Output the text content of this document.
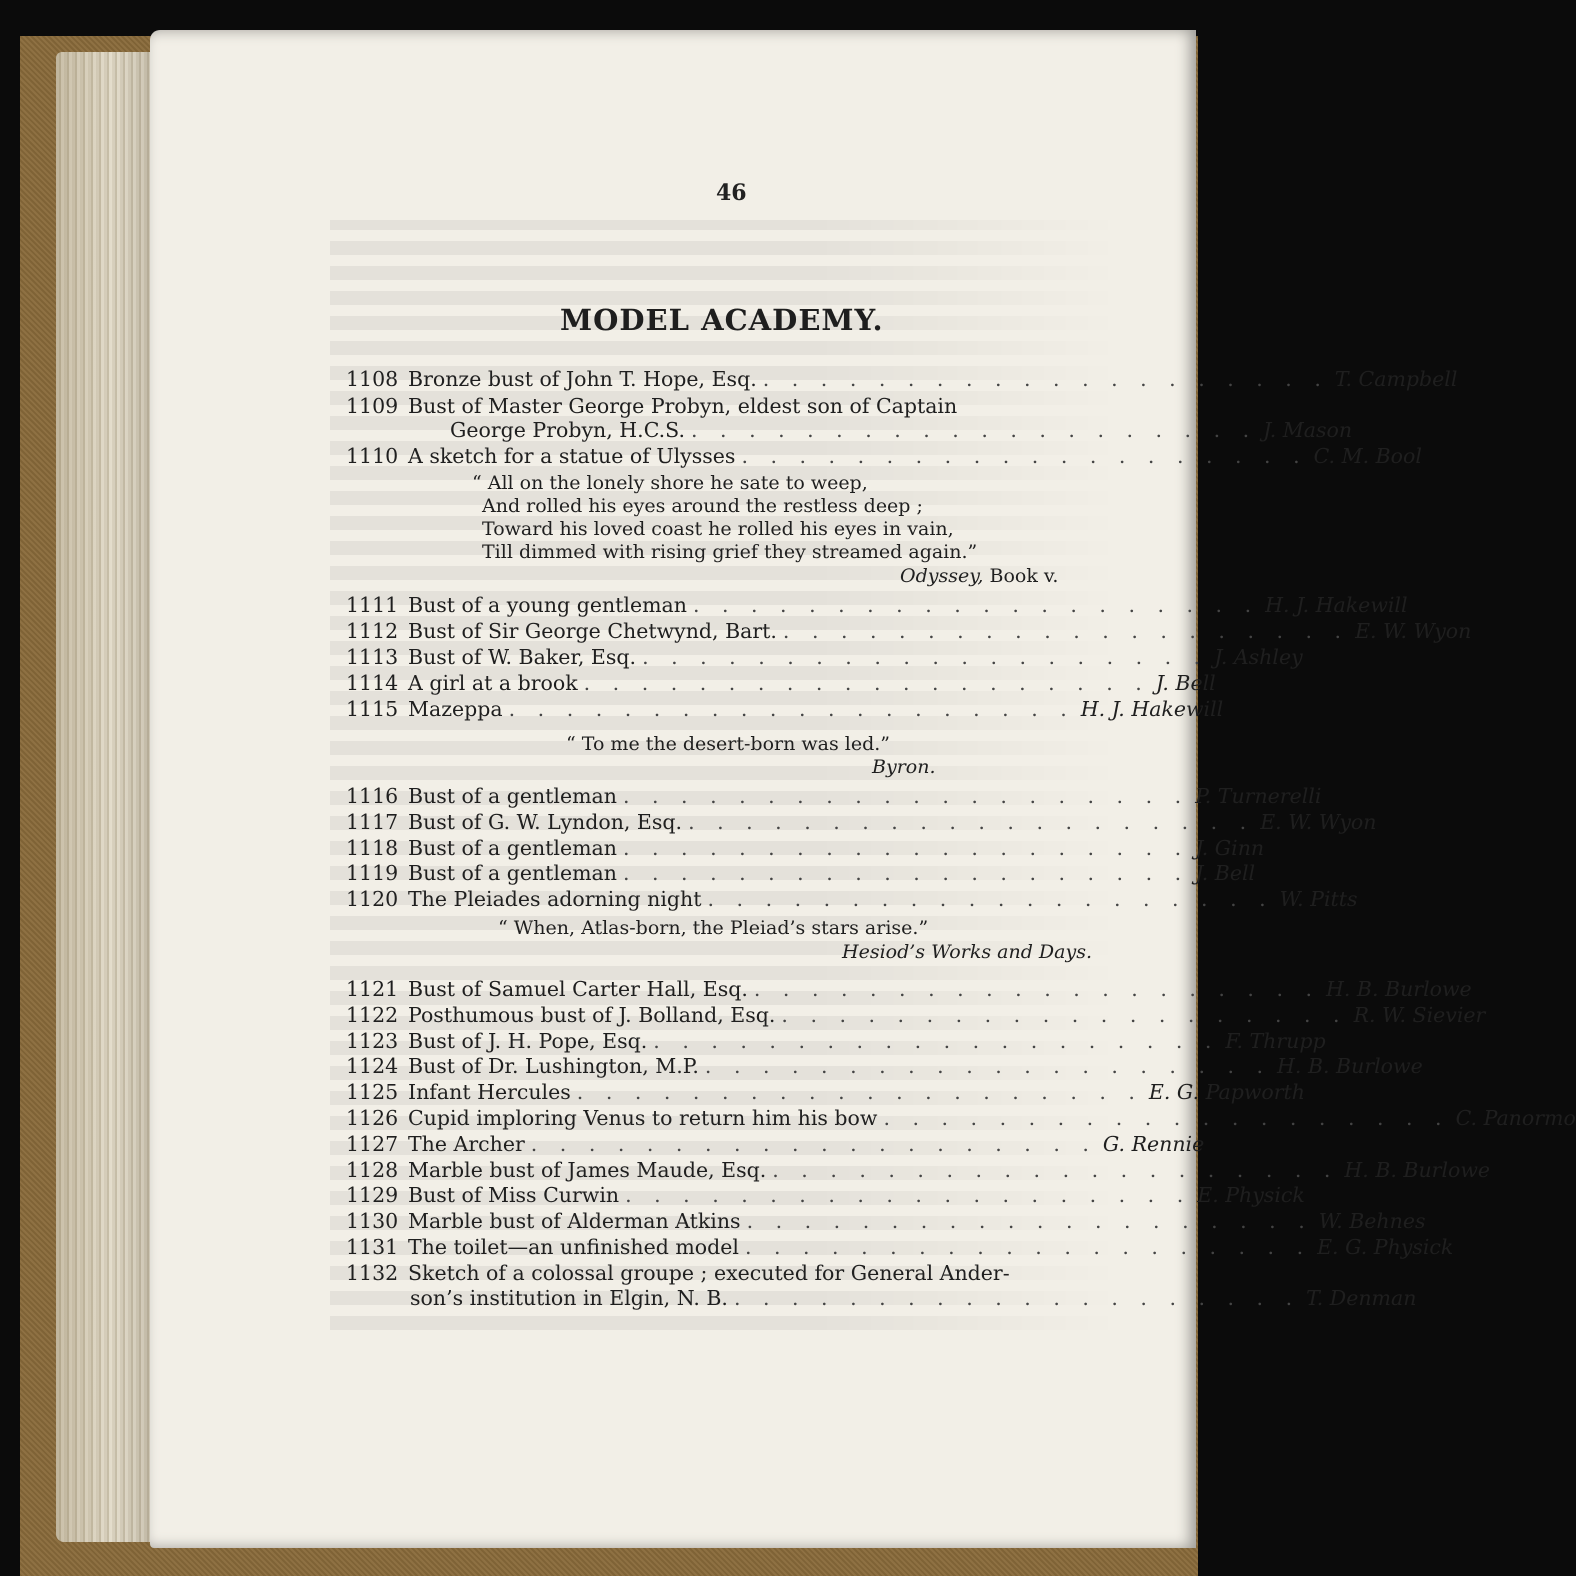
46
MODEL ACADEMY.
1108 Bronze bust of John T. Hope, Esq. . . . . . . . . . . . . . . . . . . . . T. Campbell
1109 Bust of Master George Probyn, eldest son of Captain
George Probyn, H.C.S. . . . . . . . . . . . . . . . . . . . . J. Mason
1110 A sketch for a statue of Ulysses . . . . . . . . . . . . . . . . . . . . C. M. Bool
“ All on the lonely shore he sate to weep,
And rolled his eyes around the restless deep ;
Toward his loved coast he rolled his eyes in vain,
Till dimmed with rising grief they streamed again.”
Odyssey, Book v.
1111 Bust of a young gentleman . . . . . . . . . . . . . . . . . . . . H. J. Hakewill
1112 Bust of Sir George Chetwynd, Bart. . . . . . . . . . . . . . . . . . . . . E. W. Wyon
1113 Bust of W. Baker, Esq. . . . . . . . . . . . . . . . . . . . . J. Ashley
1114 A girl at a brook . . . . . . . . . . . . . . . . . . . . J. Bell
1115 Mazeppa . . . . . . . . . . . . . . . . . . . . H. J. Hakewill
“ To me the desert-born was led.”
Byron.
1116 Bust of a gentleman . . . . . . . . . . . . . . . . . . . . P. Turnerelli
1117 Bust of G. W. Lyndon, Esq. . . . . . . . . . . . . . . . . . . . . E. W. Wyon
1118 Bust of a gentleman . . . . . . . . . . . . . . . . . . . . J. Ginn
1119 Bust of a gentleman . . . . . . . . . . . . . . . . . . . . J. Bell
1120 The Pleiades adorning night . . . . . . . . . . . . . . . . . . . . W. Pitts
“ When, Atlas-born, the Pleiad’s stars arise.”
Hesiod’s Works and Days.
1121 Bust of Samuel Carter Hall, Esq. . . . . . . . . . . . . . . . . . . . . H. B. Burlowe
1122 Posthumous bust of J. Bolland, Esq. . . . . . . . . . . . . . . . . . . . . R. W. Sievier
1123 Bust of J. H. Pope, Esq. . . . . . . . . . . . . . . . . . . . . F. Thrupp
1124 Bust of Dr. Lushington, M.P. . . . . . . . . . . . . . . . . . . . . H. B. Burlowe
1125 Infant Hercules . . . . . . . . . . . . . . . . . . . . E. G. Papworth
1126 Cupid imploring Venus to return him his bow . . . . . . . . . . . . . . . . . . . . C. Panormo
1127 The Archer . . . . . . . . . . . . . . . . . . . . G. Rennie
1128 Marble bust of James Maude, Esq. . . . . . . . . . . . . . . . . . . . . H. B. Burlowe
1129 Bust of Miss Curwin . . . . . . . . . . . . . . . . . . . . E. Physick
1130 Marble bust of Alderman Atkins . . . . . . . . . . . . . . . . . . . . W. Behnes
1131 The toilet—an unfinished model . . . . . . . . . . . . . . . . . . . . E. G. Physick
1132 Sketch of a colossal groupe ; executed for General Ander-
son’s institution in Elgin, N. B. . . . . . . . . . . . . . . . . . . . . T. Denman
